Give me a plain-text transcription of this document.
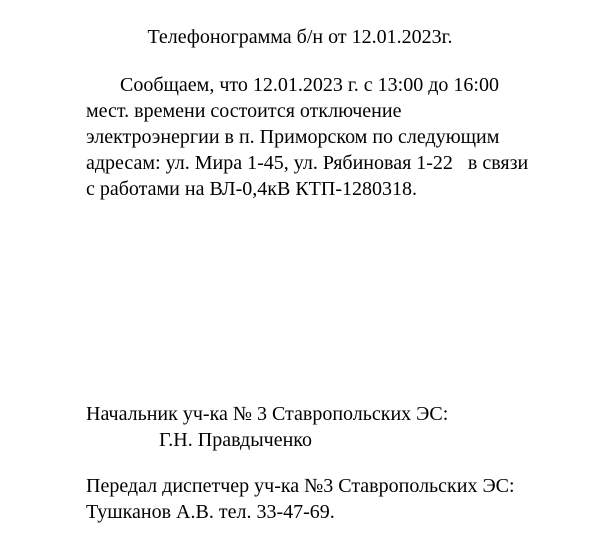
Телефонограмма б/н от 12.01.2023г.
Сообщаем, что 12.01.2023 г. с 13:00 до 16:00
мест. времени состоится отключение
электроэнергии в п. Приморском по следующим
адресам: ул. Мира 1-45, ул. Рябиновая 1-22   в связи
с работами на ВЛ-0,4кВ КТП-1280318.
Начальник уч-ка № 3 Ставропольских ЭС:
Г.Н. Правдыченко
Передал диспетчер уч-ка №3 Ставропольских ЭС:
Тушканов А.В. тел. 33-47-69.
